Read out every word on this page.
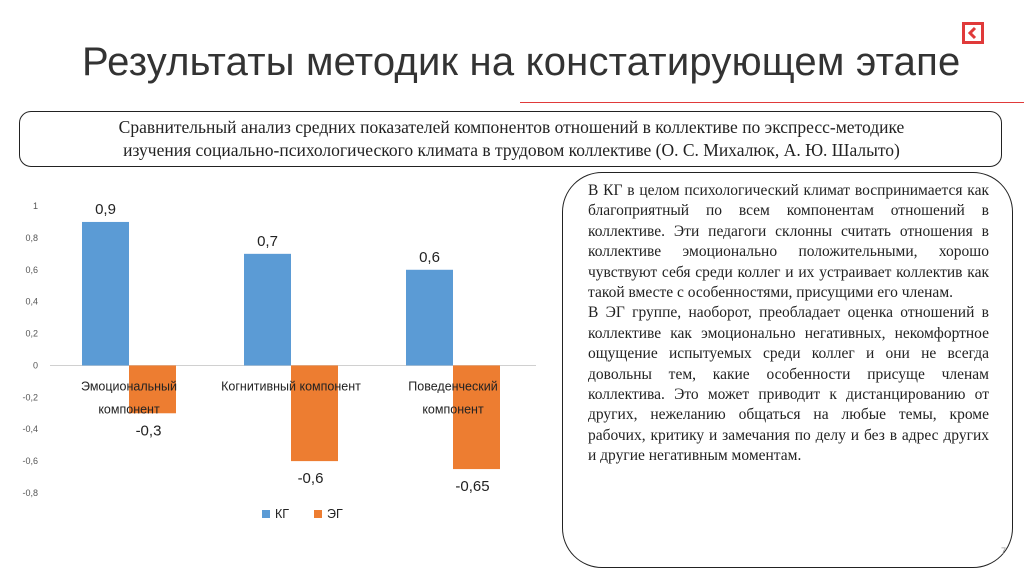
Результаты методик на констатирующем этапе
Сравнительный анализ средних показателей компонентов отношений в коллективе по экспресс-методике
изучения социально-психологического климата в трудовом коллективе (О. С. Михалюк, А. Ю. Шалыто)
1
0,8
0,6
0,4
0,2
0
-0,2
-0,4
-0,6
-0,8
0,9
-0,3
Эмоциональный
компонент
0,7
-0,6
Когнитивный компонент
0,6
-0,65
Поведенческий
компонент
КГ	ЭГ

В КГ в целом психологический климат воспринимается как благоприятный по всем компонентам отношений в коллективе. Эти педагоги склонны считать отношения в коллективе эмоционально положительными, хорошо чувствуют себя среди коллег и их устраивает коллектив как такой вместе с особенностями, присущими его членам.

В ЭГ группе, наоборот, преобладает оценка отношений в коллективе как эмоционально негативных, некомфортное ощущение испытуемых среди коллег и они не всегда довольны тем, какие особенности присуще членам коллектива. Это может приводит к дистанцированию от других, нежеланию общаться на любые темы, кроме рабочих, критику и замечания по делу и без в адрес других и другие негативным моментам.

7
